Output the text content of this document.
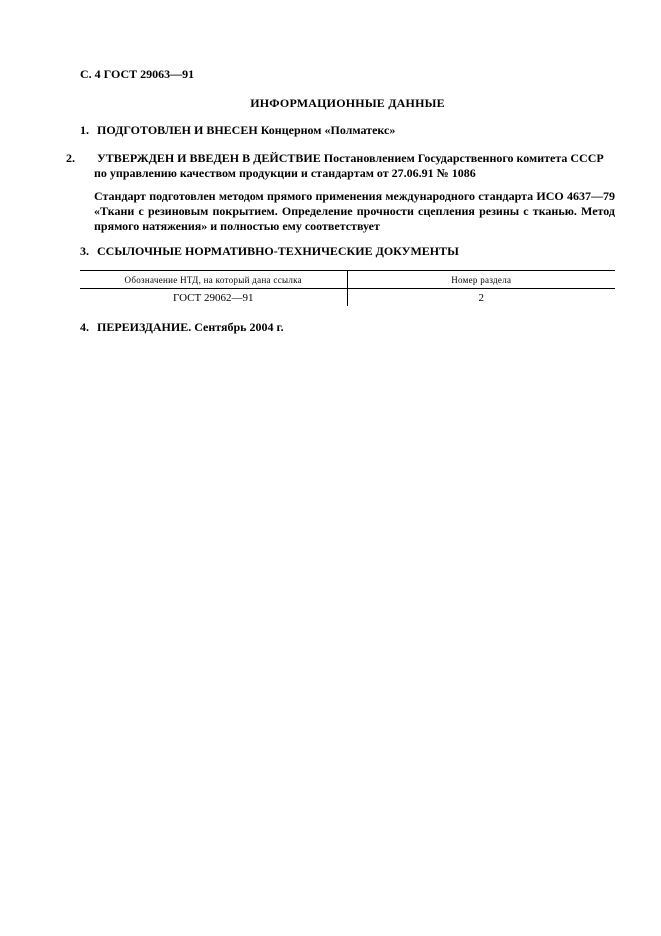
С. 4 ГОСТ 29063—91
ИНФОРМАЦИОННЫЕ ДАННЫЕ
1. ПОДГОТОВЛЕН И ВНЕСЕН Концерном «Полматекс»
2. УТВЕРЖДЕН И ВВЕДЕН В ДЕЙСТВИЕ Постановлением Государственного комитета СССР по управлению качеством продукции и стандартам от 27.06.91 № 1086
Стандарт подготовлен методом прямого применения международного стандарта ИСО 4637—79 «Ткани с резиновым покрытием. Определение прочности сцепления резины с тканью. Метод прямого натяжения» и полностью ему соответствует
3. ССЫЛОЧНЫЕ НОРМАТИВНО-ТЕХНИЧЕСКИЕ ДОКУМЕНТЫ
Обозначение НТД, на который дана ссылка	Номер раздела
ГОСТ 29062—91	2
4. ПЕРЕИЗДАНИЕ. Сентябрь 2004 г.
